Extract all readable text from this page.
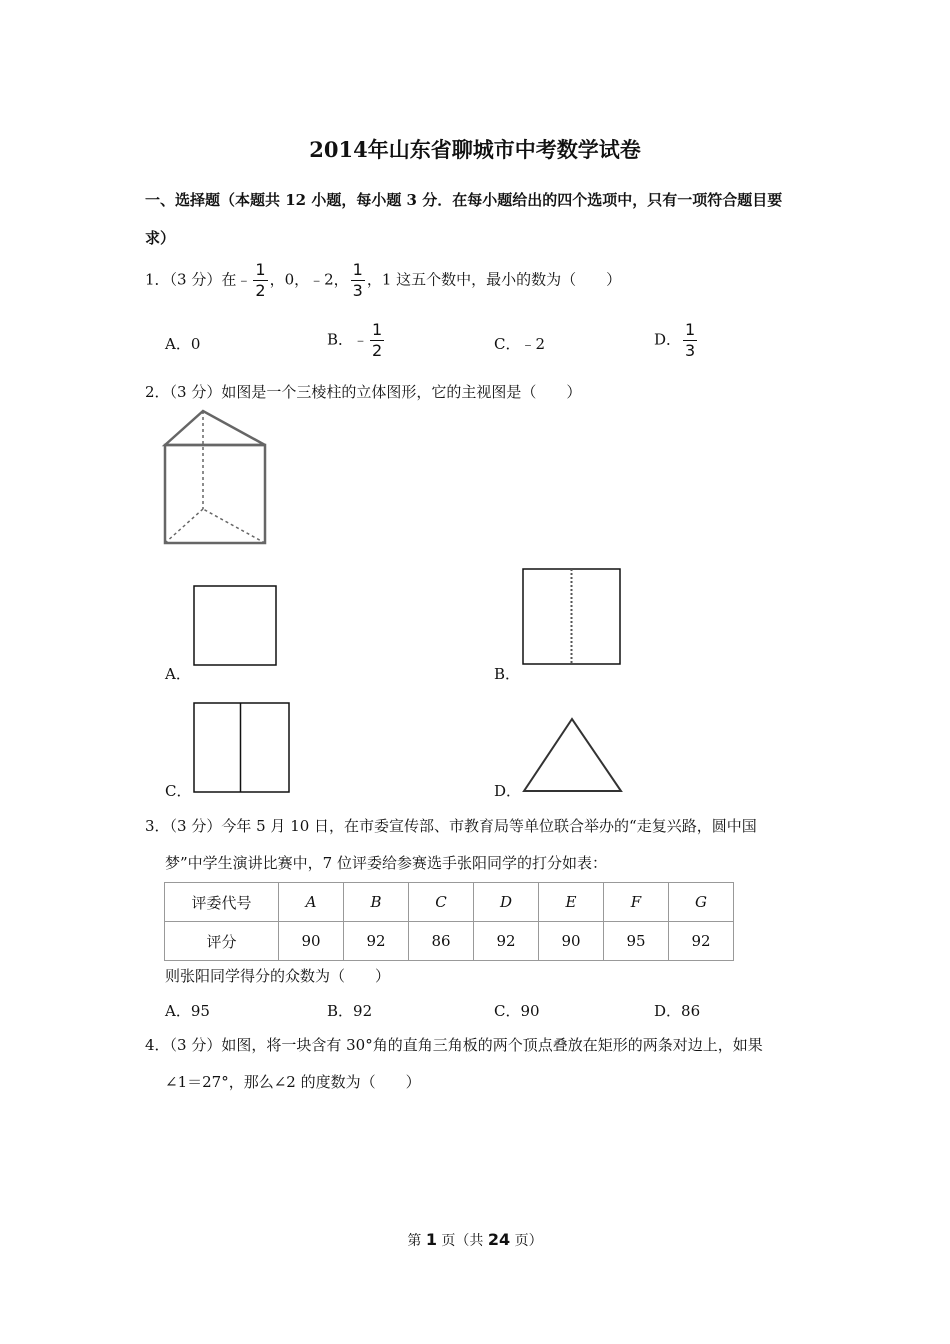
2014年山东省聊城市中考数学试卷
一、选择题（本题共 12 小题，每小题 3 分．在每小题给出的四个选项中，只有一项符合题目要
求）
1．（3 分）在﹣ $\frac{1}{2}$ ，0，﹣2， $\frac{1}{3}$ ，1 这五个数中，最小的数为（　　）
A．0	B．﹣ $\frac{1}{2}$	C．﹣2	D． $\frac{1}{3}$
2．（3 分）如图是一个三棱柱的立体图形，它的主视图是（　　）
A．	B．
C．	D．
3．（3 分）今年 5 月 10 日，在市委宣传部、市教育局等单位联合举办的“走复兴路，圆中国
梦”中学生演讲比赛中，7 位评委给参赛选手张阳同学的打分如表：
评委代号	A	B	C	D	E	F	G
评分	90	92	86	92	90	95	92
则张阳同学得分的众数为（　　）
A．95	B．92	C．90	D．86
4．（3 分）如图，将一块含有 30°角的直角三角板的两个顶点叠放在矩形的两条对边上，如果
∠1＝27°，那么∠2 的度数为（　　）
第 1 页（共 24 页）
